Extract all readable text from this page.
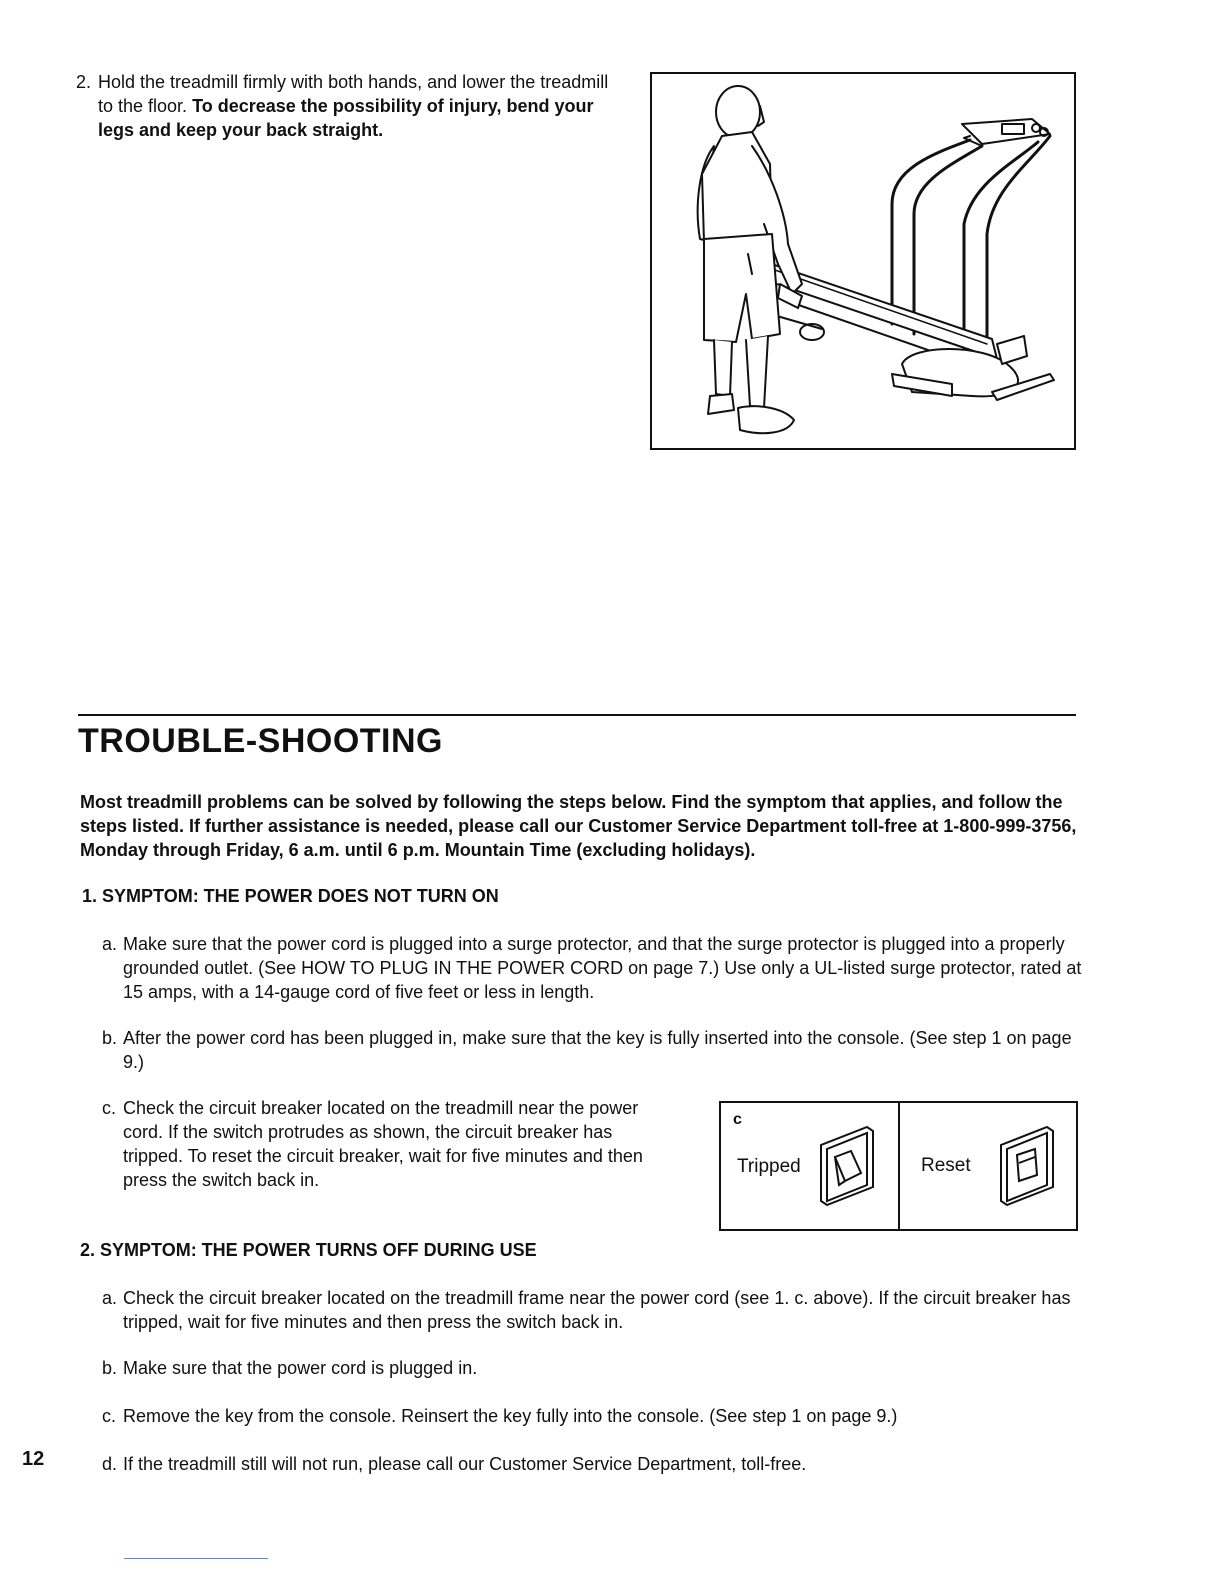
2. Hold the treadmill firmly with both hands, and lower the treadmill to the floor. To decrease the possibility of injury, bend your legs and keep your back straight.
TROUBLE-SHOOTING
Most treadmill problems can be solved by following the steps below. Find the symptom that applies, and follow the steps listed. If further assistance is needed, please call our Customer Service Department toll-free at 1-800-999-3756, Monday through Friday, 6 a.m. until 6 p.m. Mountain Time (excluding holidays).
1. SYMPTOM: THE POWER DOES NOT TURN ON
a. Make sure that the power cord is plugged into a surge protector, and that the surge protector is plugged into a properly grounded outlet. (See HOW TO PLUG IN THE POWER CORD on page 7.) Use only a UL-listed surge protector, rated at 15 amps, with a 14-gauge cord of five feet or less in length.
b. After the power cord has been plugged in, make sure that the key is fully inserted into the console. (See step 1 on page 9.)
c. Check the circuit breaker located on the treadmill near the power cord. If the switch protrudes as shown, the circuit breaker has tripped. To reset the circuit breaker, wait for five minutes and then press the switch back in.
c
Tripped	Reset
2. SYMPTOM: THE POWER TURNS OFF DURING USE
a. Check the circuit breaker located on the treadmill frame near the power cord (see 1. c. above). If the circuit breaker has tripped, wait for five minutes and then press the switch back in.
b. Make sure that the power cord is plugged in.
c. Remove the key from the console. Reinsert the key fully into the console. (See step 1 on page 9.)
d. If the treadmill still will not run, please call our Customer Service Department, toll-free.
12
